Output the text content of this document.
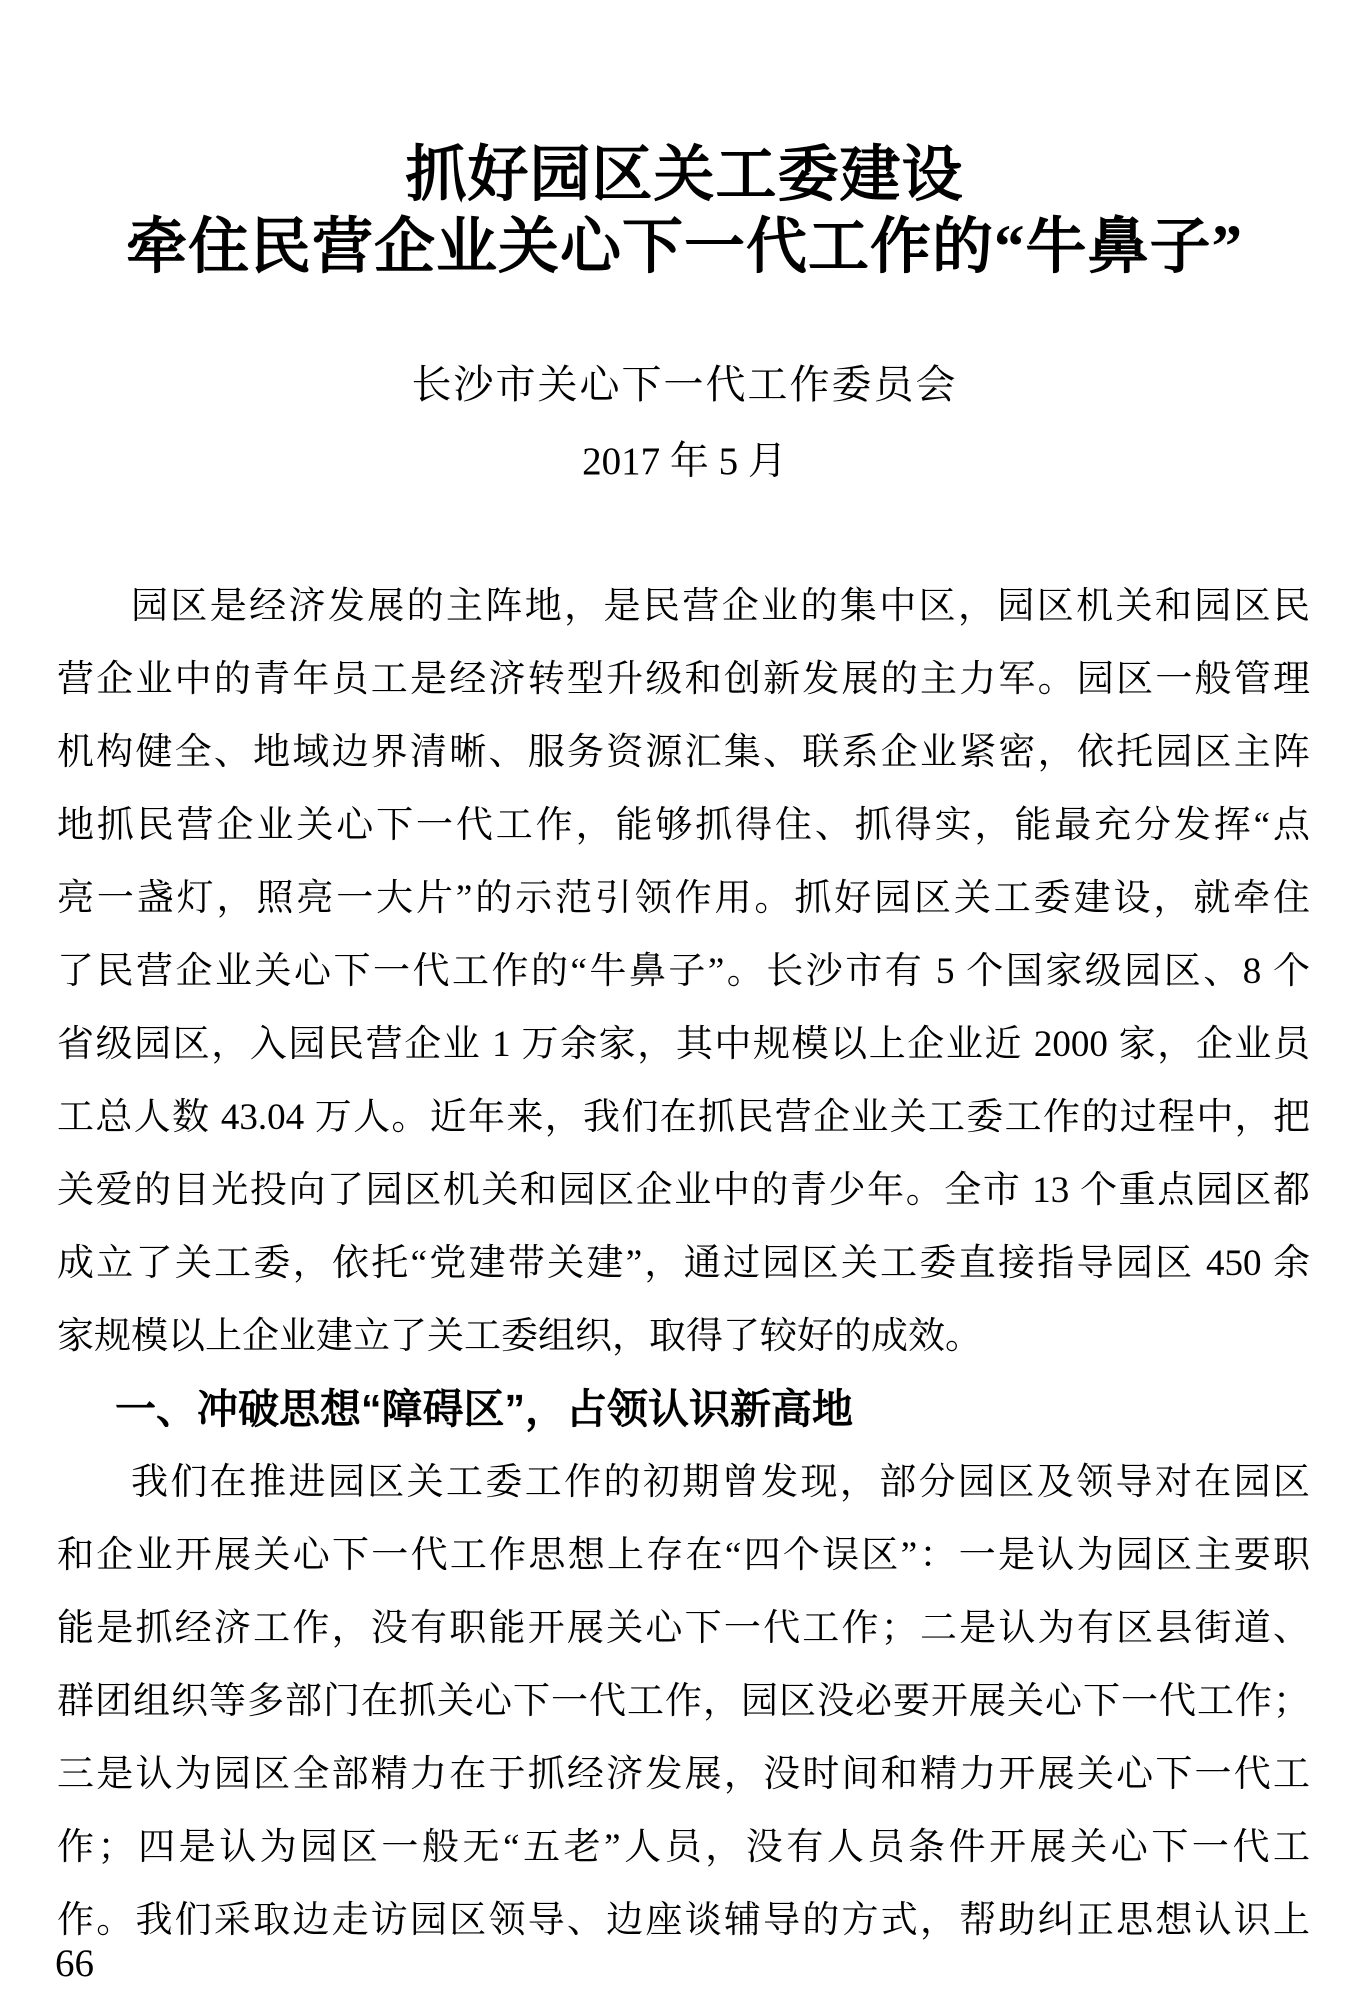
抓好园区关工委建设
牵住民营企业关心下一代工作的“牛鼻子”
长沙市关心下一代工作委员会
2017 年 5 月
园区是经济发展的主阵地，是民营企业的集中区，园区机关和园区民
营企业中的青年员工是经济转型升级和创新发展的主力军。园区一般管理
机构健全、地域边界清晰、服务资源汇集、联系企业紧密，依托园区主阵
地抓民营企业关心下一代工作，能够抓得住、抓得实，能最充分发挥“点
亮一盏灯，照亮一大片”的示范引领作用。抓好园区关工委建设，就牵住
了民营企业关心下一代工作的“牛鼻子”。长沙市有 5 个国家级园区、8 个
省级园区，入园民营企业 1 万余家，其中规模以上企业近 2000 家，企业员
工总人数 43.04 万人。近年来，我们在抓民营企业关工委工作的过程中，把
关爱的目光投向了园区机关和园区企业中的青少年。全市 13 个重点园区都
成立了关工委，依托“党建带关建”，通过园区关工委直接指导园区 450 余
家规模以上企业建立了关工委组织，取得了较好的成效。
一、冲破思想“障碍区”，占领认识新高地
我们在推进园区关工委工作的初期曾发现，部分园区及领导对在园区
和企业开展关心下一代工作思想上存在“四个误区”：一是认为园区主要职
能是抓经济工作，没有职能开展关心下一代工作；二是认为有区县街道、
群团组织等多部门在抓关心下一代工作，园区没必要开展关心下一代工作；
三是认为园区全部精力在于抓经济发展，没时间和精力开展关心下一代工
作；四是认为园区一般无“五老”人员，没有人员条件开展关心下一代工
作。我们采取边走访园区领导、边座谈辅导的方式，帮助纠正思想认识上
66
